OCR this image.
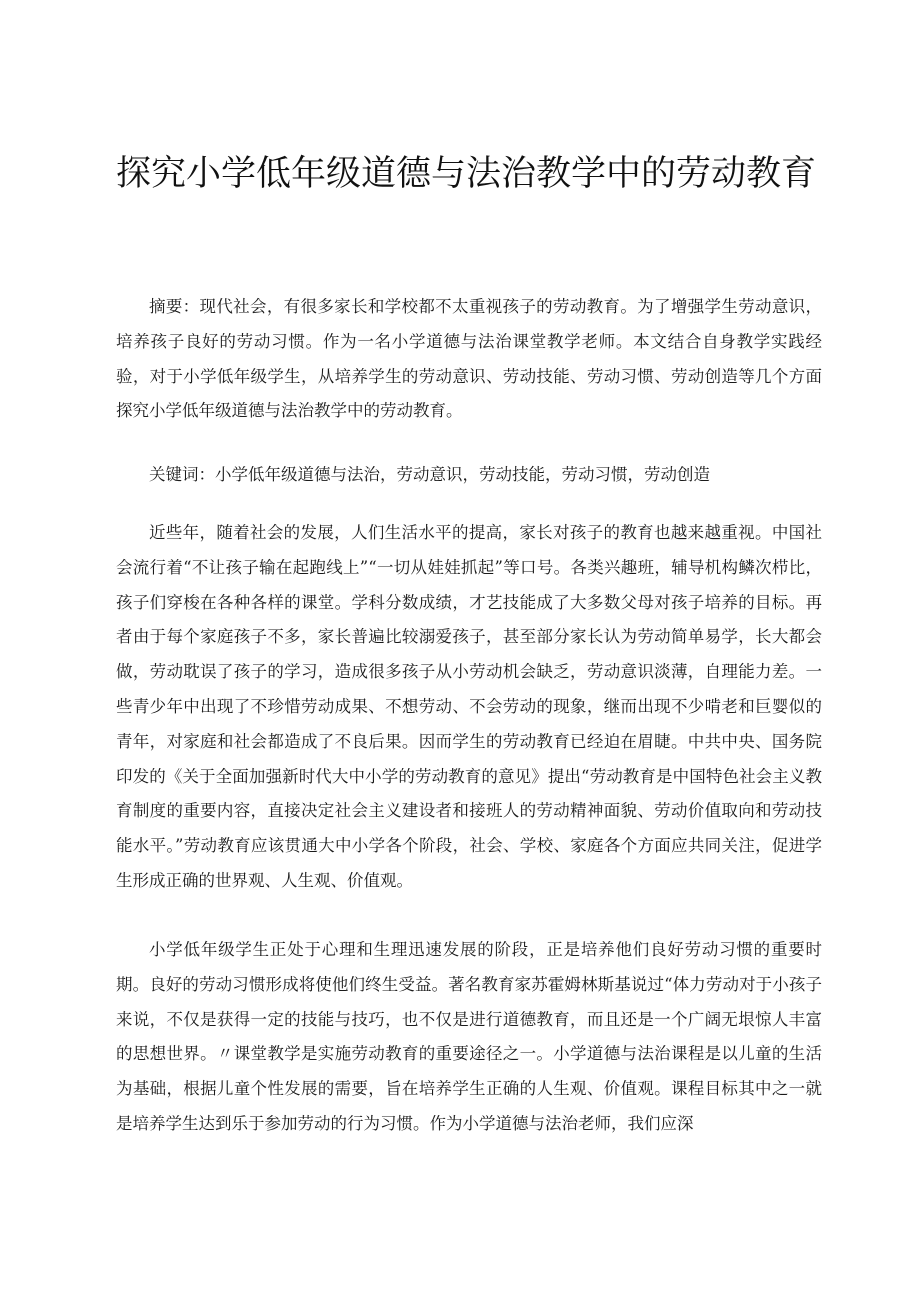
探究小学低年级道德与法治教学中的劳动教育

摘要：现代社会，有很多家长和学校都不太重视孩子的劳动教育。为了增强学生劳动意识，培养孩子良好的劳动习惯。作为一名小学道德与法治课堂教学老师。本文结合自身教学实践经验，对于小学低年级学生，从培养学生的劳动意识、劳动技能、劳动习惯、劳动创造等几个方面探究小学低年级道德与法治教学中的劳动教育。

关键词：小学低年级道德与法治，劳动意识，劳动技能，劳动习惯，劳动创造

近些年，随着社会的发展，人们生活水平的提高，家长对孩子的教育也越来越重视。中国社会流行着“不让孩子输在起跑线上”“一切从娃娃抓起”等口号。各类兴趣班，辅导机构鳞次栉比，孩子们穿梭在各种各样的课堂。学科分数成绩，才艺技能成了大多数父母对孩子培养的目标。再者由于每个家庭孩子不多，家长普遍比较溺爱孩子，甚至部分家长认为劳动简单易学，长大都会做，劳动耽误了孩子的学习，造成很多孩子从小劳动机会缺乏，劳动意识淡薄，自理能力差。一些青少年中出现了不珍惜劳动成果、不想劳动、不会劳动的现象，继而出现不少啃老和巨婴似的青年，对家庭和社会都造成了不良后果。因而学生的劳动教育已经迫在眉睫。中共中央、国务院印发的《关于全面加强新时代大中小学的劳动教育的意见》提出“劳动教育是中国特色社会主义教育制度的重要内容，直接决定社会主义建设者和接班人的劳动精神面貌、劳动价值取向和劳动技能水平。”劳动教育应该贯通大中小学各个阶段，社会、学校、家庭各个方面应共同关注，促进学生形成正确的世界观、人生观、价值观。

小学低年级学生正处于心理和生理迅速发展的阶段，正是培养他们良好劳动习惯的重要时期。良好的劳动习惯形成将使他们终生受益。著名教育家苏霍姆林斯基说过“体力劳动对于小孩子来说，不仅是获得一定的技能与技巧，也不仅是进行道德教育，而且还是一个广阔无垠惊人丰富的思想世界。〃课堂教学是实施劳动教育的重要途径之一。小学道德与法治课程是以儿童的生活为基础，根据儿童个性发展的需要，旨在培养学生正确的人生观、价值观。课程目标其中之一就是培养学生达到乐于参加劳动的行为习惯。作为小学道德与法治老师，我们应深
